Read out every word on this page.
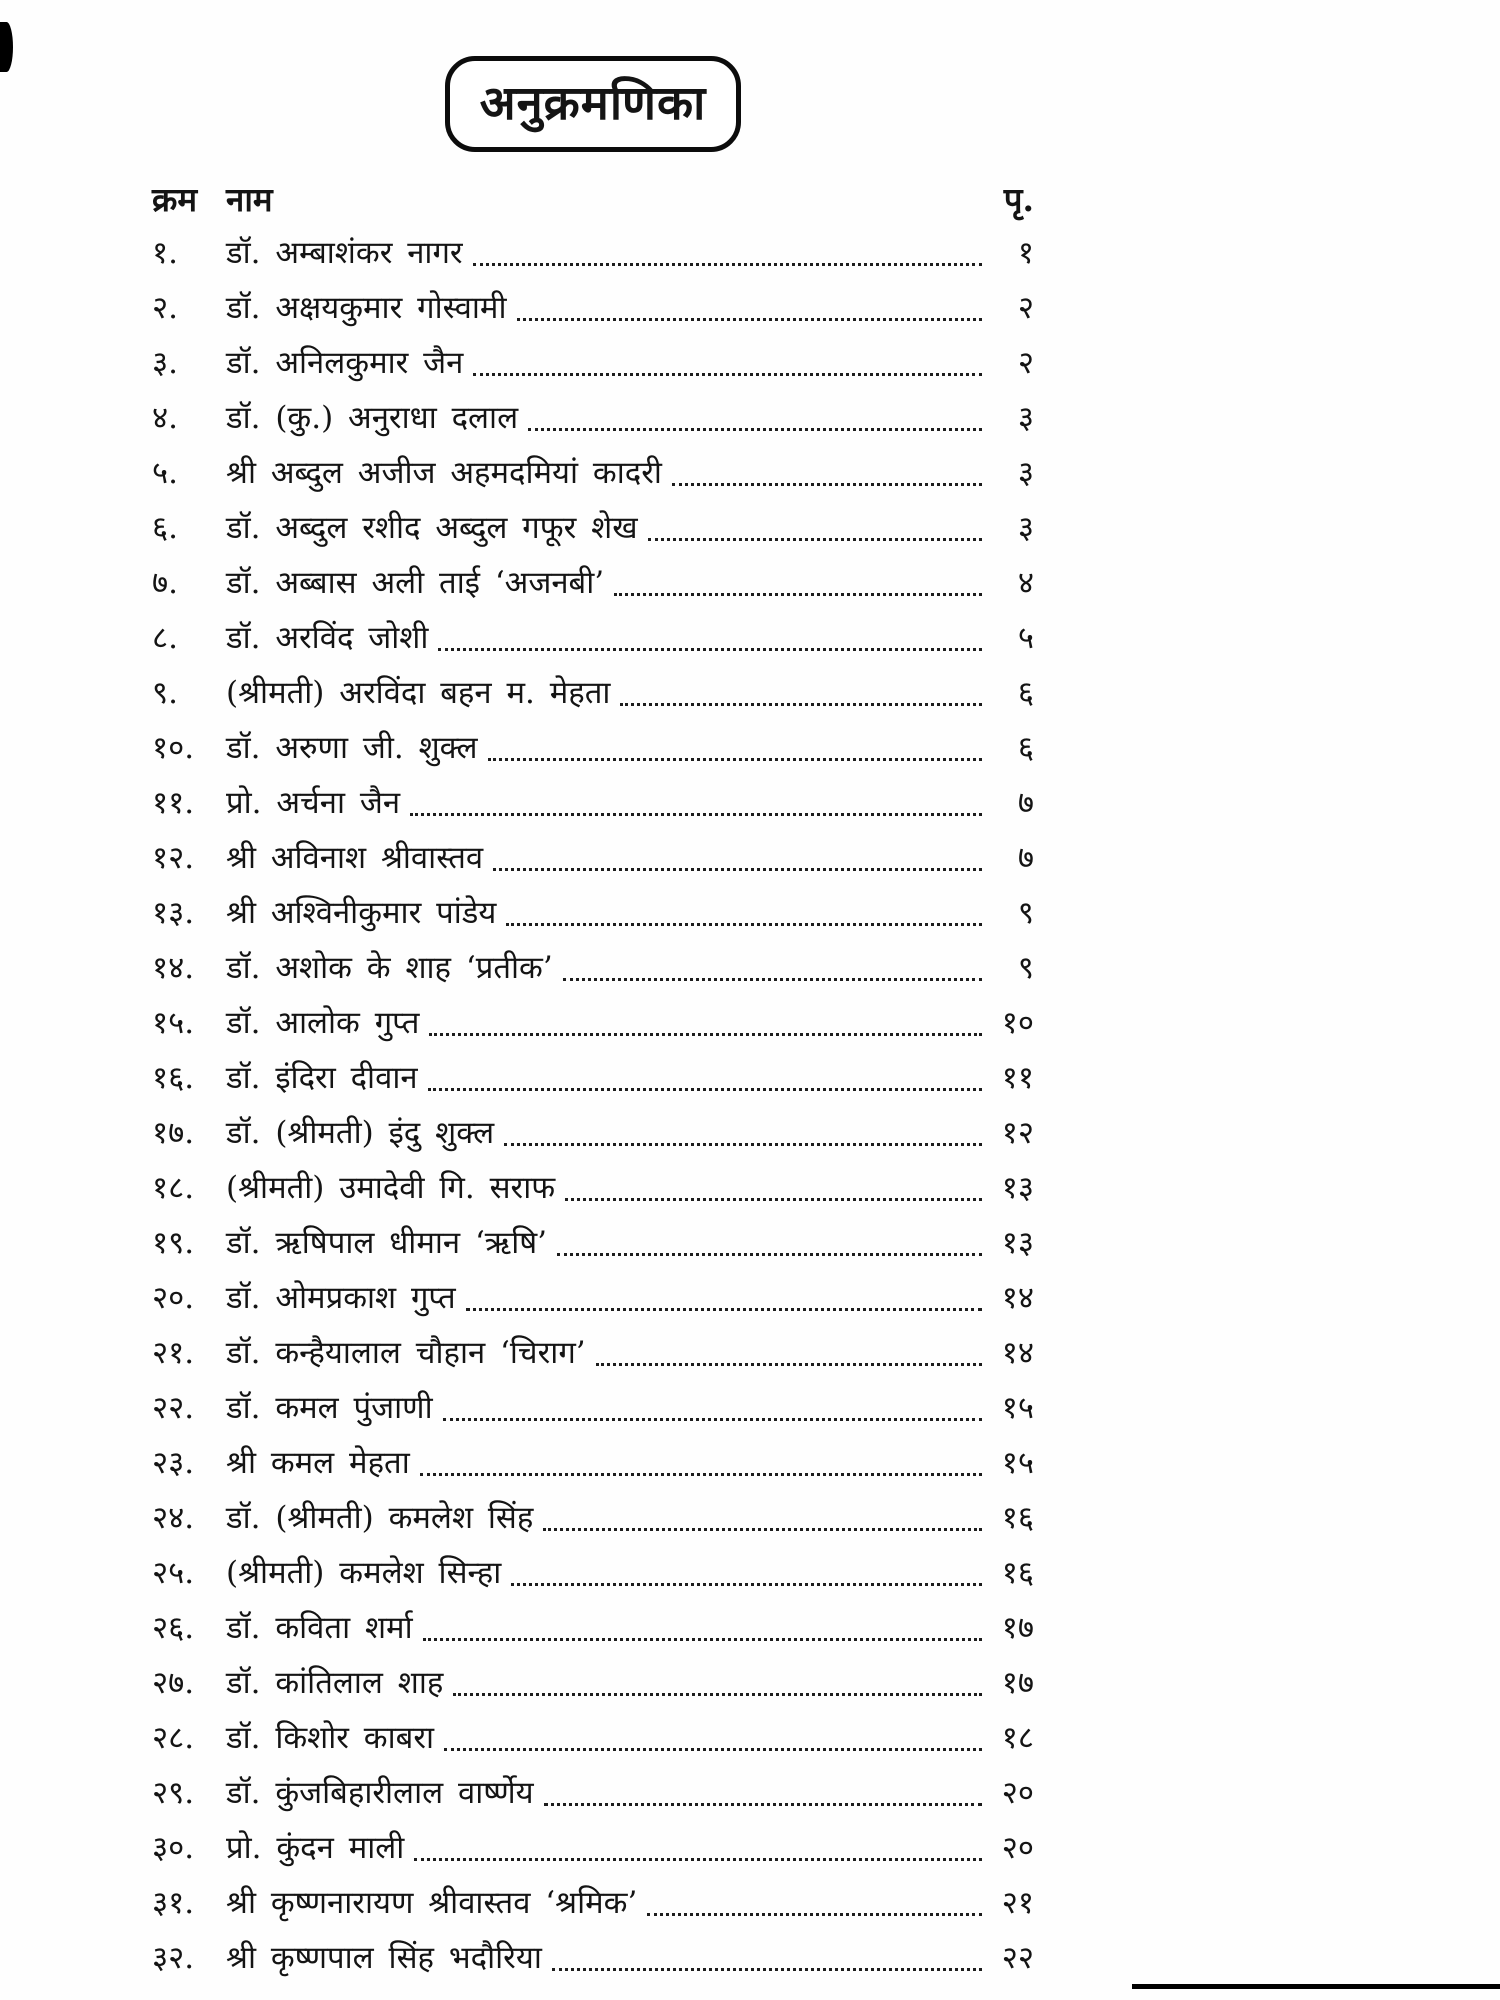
अनुक्रमणिका
क्रम नाम	पृ.
१.	डॉ. अम्बाशंकर नागर	१
२.	डॉ. अक्षयकुमार गोस्वामी	२
३.	डॉ. अनिलकुमार जैन	२
४.	डॉ. (कु.) अनुराधा दलाल	३
५.	श्री अब्दुल अजीज अहमदमियां कादरी	३
६.	डॉ. अब्दुल रशीद अब्दुल गफूर शेख	३
७.	डॉ. अब्बास अली ताई ‘अजनबी’	४
८.	डॉ. अरविंद जोशी	५
९.	(श्रीमती) अरविंदा बहन म. मेहता	६
१०.	डॉ. अरुणा जी. शुक्ल	६
११.	प्रो. अर्चना जैन	७
१२.	श्री अविनाश श्रीवास्तव	७
१३.	श्री अश्विनीकुमार पांडेय	९
१४.	डॉ. अशोक के शाह ‘प्रतीक’	९
१५.	डॉ. आलोक गुप्त	१०
१६.	डॉ. इंदिरा दीवान	११
१७.	डॉ. (श्रीमती) इंदु शुक्ल	१२
१८.	(श्रीमती) उमादेवी गि. सराफ	१३
१९.	डॉ. ऋषिपाल धीमान ‘ऋषि’	१३
२०.	डॉ. ओमप्रकाश गुप्त	१४
२१.	डॉ. कन्हैयालाल चौहान ‘चिराग’	१४
२२.	डॉ. कमल पुंजाणी	१५
२३.	श्री कमल मेहता	१५
२४.	डॉ. (श्रीमती) कमलेश सिंह	१६
२५.	(श्रीमती) कमलेश सिन्हा	१६
२६.	डॉ. कविता शर्मा	१७
२७.	डॉ. कांतिलाल शाह	१७
२८.	डॉ. किशोर काबरा	१८
२९.	डॉ. कुंजबिहारीलाल वार्ष्णेय	२०
३०.	प्रो. कुंदन माली	२०
३१.	श्री कृष्णनारायण श्रीवास्तव ‘श्रमिक’	२१
३२.	श्री कृष्णपाल सिंह भदौरिया	२२
